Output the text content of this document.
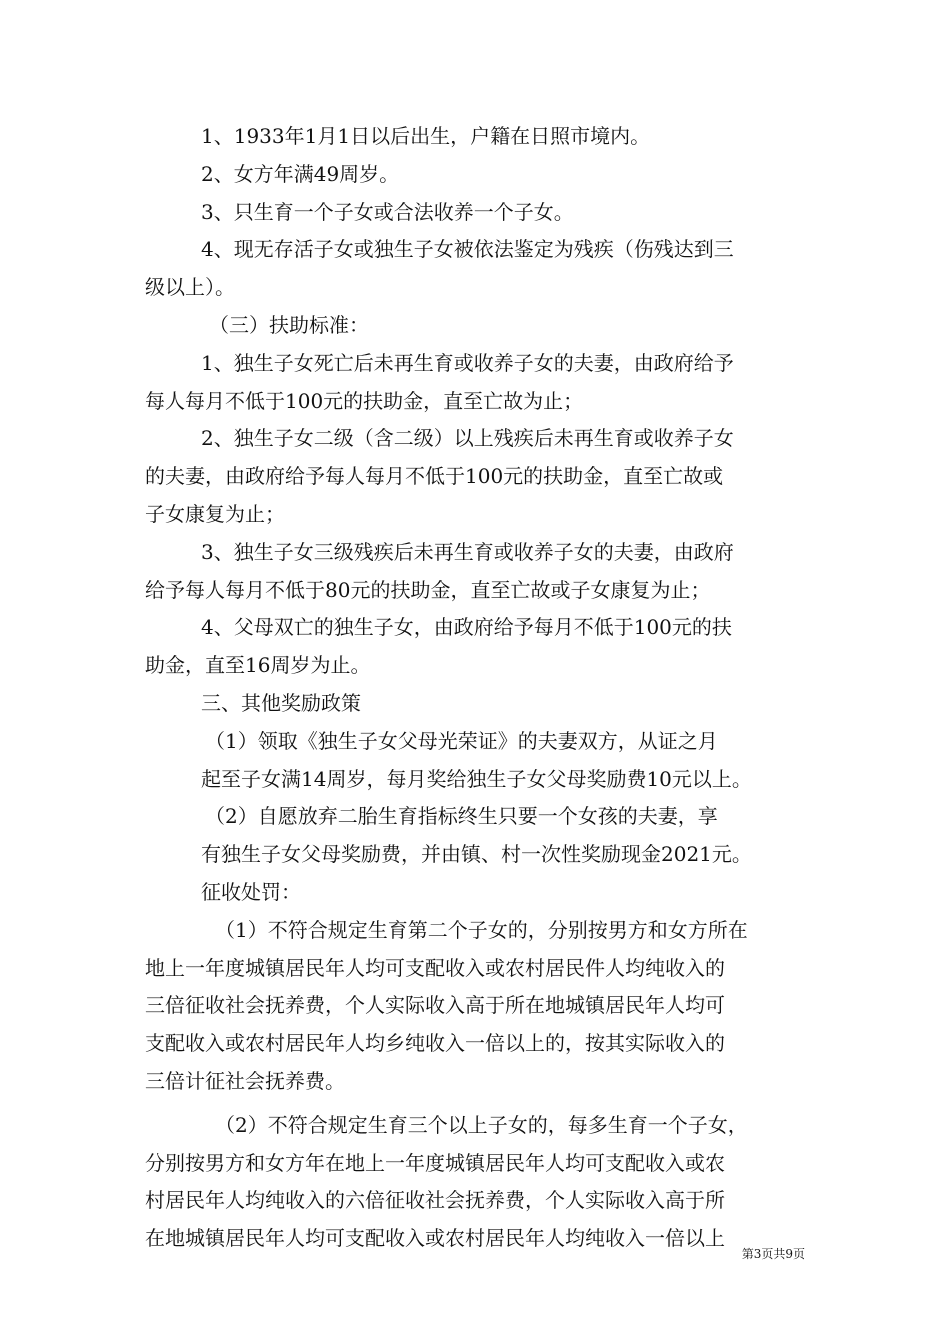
1、1933年1月1日以后出生，户籍在日照市境内。
2、女方年满49周岁。
3、只生育一个子女或合法收养一个子女。
4、现无存活子女或独生子女被依法鉴定为残疾（伤残达到三
级以上）。
（三）扶助标准：
1、独生子女死亡后未再生育或收养子女的夫妻，由政府给予
每人每月不低于100元的扶助金，直至亡故为止；
2、独生子女二级（含二级）以上残疾后未再生育或收养子女
的夫妻，由政府给予每人每月不低于100元的扶助金，直至亡故或
子女康复为止；
3、独生子女三级残疾后未再生育或收养子女的夫妻，由政府
给予每人每月不低于80元的扶助金，直至亡故或子女康复为止；
4、父母双亡的独生子女，由政府给予每月不低于100元的扶
助金，直至16周岁为止。
三、其他奖励政策
（1）领取《独生子女父母光荣证》的夫妻双方，从证之月
起至子女满14周岁，每月奖给独生子女父母奖励费10元以上。
（2）自愿放弃二胎生育指标终生只要一个女孩的夫妻，享
有独生子女父母奖励费，并由镇、村一次性奖励现金2021元。
征收处罚：
（1）不符合规定生育第二个子女的，分别按男方和女方所在
地上一年度城镇居民年人均可支配收入或农村居民件人均纯收入的
三倍征收社会抚养费，个人实际收入高于所在地城镇居民年人均可
支配收入或农村居民年人均乡纯收入一倍以上的，按其实际收入的
三倍计征社会抚养费。
（2）不符合规定生育三个以上子女的，每多生育一个子女，
分别按男方和女方年在地上一年度城镇居民年人均可支配收入或农
村居民年人均纯收入的六倍征收社会抚养费，个人实际收入高于所
在地城镇居民年人均可支配收入或农村居民年人均纯收入一倍以上
第3页共9页
